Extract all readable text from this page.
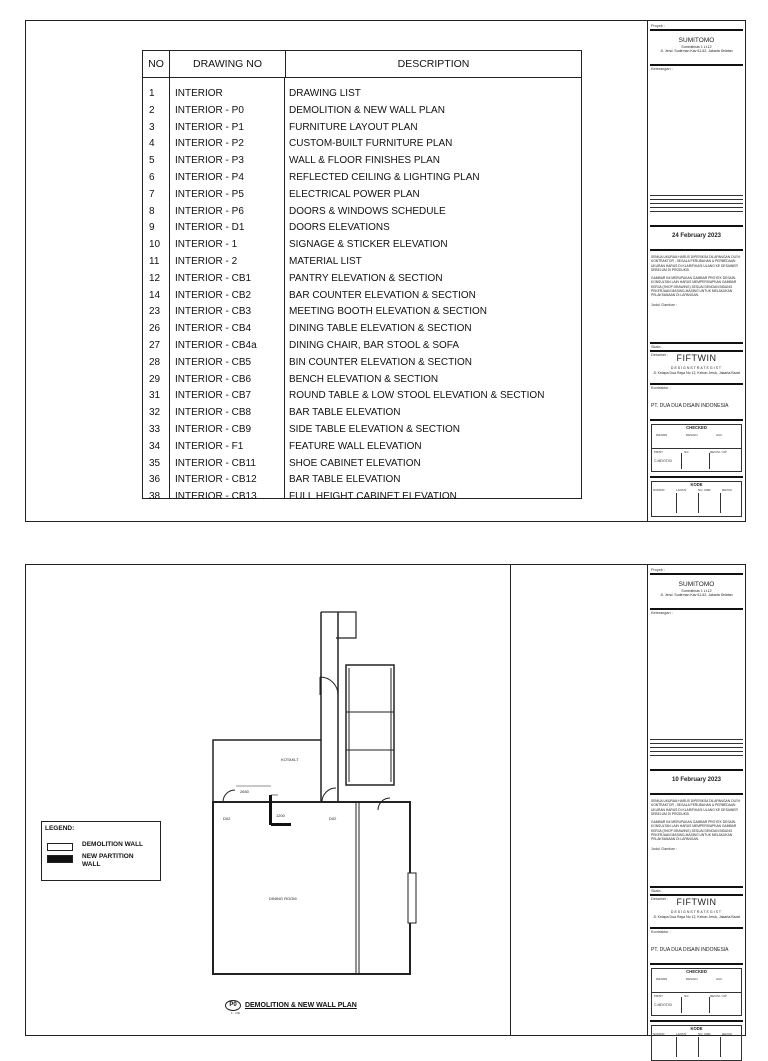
NO	DRAWING NO	DESCRIPTION
1	INTERIOR	DRAWING LIST
2	INTERIOR - P0	DEMOLITION & NEW WALL PLAN
3	INTERIOR - P1	FURNITURE LAYOUT PLAN
4	INTERIOR - P2	CUSTOM-BUILT FURNITURE PLAN
5	INTERIOR - P3	WALL & FLOOR FINISHES PLAN
6	INTERIOR - P4	REFLECTED CEILING & LIGHTING PLAN
7	INTERIOR - P5	ELECTRICAL POWER PLAN
8	INTERIOR - P6	DOORS & WINDOWS SCHEDULE
9	INTERIOR - D1	DOORS ELEVATIONS
10	INTERIOR - 1	SIGNAGE & STICKER ELEVATION
11	INTERIOR - 2	MATERIAL LIST
12	INTERIOR - CB1	PANTRY ELEVATION & SECTION
14	INTERIOR - CB2	BAR COUNTER ELEVATION & SECTION
23	INTERIOR - CB3	MEETING BOOTH ELEVATION & SECTION
26	INTERIOR - CB4	DINING TABLE ELEVATION & SECTION
27	INTERIOR - CB4a	DINING CHAIR, BAR STOOL & SOFA
28	INTERIOR - CB5	BIN COUNTER ELEVATION & SECTION
29	INTERIOR - CB6	BENCH ELEVATION & SECTION
31	INTERIOR - CB7	ROUND TABLE & LOW STOOL ELEVATION & SECTION
32	INTERIOR - CB8	BAR TABLE ELEVATION
33	INTERIOR - CB9	SIDE TABLE ELEVATION & SECTION
34	INTERIOR - F1	FEATURE WALL ELEVATION
35	INTERIOR - CB11	SHOE CABINET ELEVATION
36	INTERIOR - CB12	BAR TABLE ELEVATION
38	INTERIOR - CB13	FULL HEIGHT CABINET ELEVATION
Proyek :
SUMITOMO
Summitmas 1 Lt.12
Jl. Jend. Sudirman Kav 61-62, Jakarta Selatan
Keterangan :
24 February 2023
SEMUA UKURAN HARUS DIPERIKSA DILAPANGAN OLEH KONTRAKTOR , SEGALA PERUBAHAN & PERBEDAAN UKURAN HARUS DI KLARIFIKASI ULANG KE DESAINER SEBELUM DI PRODUKSI.
GAMBAR INI MERUPAKAN GAMBAR PROYEK DESAIN. KONSULTAN LAIN HARUS MEMPERSIAPKAN GAMBAR KERJA (SHOP DRAWING) SESUAI DENGAN BIDANG PEKERJAAN MASING-MASING UNTUK MELAKUKAN PELAKSANAAN DI LAPANGAN.
Judul Gambar :
Skala :
Desainer : FIFTWIN
DESIGNSTRATEGIST
Jl. Kelapa Dua Raya No 12, Kebon Jeruk, Jakarta Barat
Kontraktor :
PT. DUA DUA DISAIN INDONESIA
CHECKED
DRAWN	DESIGN	ACC
PRINT	NO	REVISI / OP
C.MDOT.BI
KODE
NOMOR	LANTAI	NO. GBR	REVISI
LEGEND:
DEMOLITION WALL
NEW PARTITION WALL
KOTAKLT
DINING ROOM
2650
1200
D02	D02
P0 DEMOLITION & NEW WALL PLAN
1 : 100
Proyek :
SUMITOMO
Summitmas 1 Lt.12
Jl. Jend. Sudirman Kav 61-62, Jakarta Selatan
Keterangan :
10 February 2023
SEMUA UKURAN HARUS DIPERIKSA DILAPANGAN OLEH KONTRAKTOR , SEGALA PERUBAHAN & PERBEDAAN UKURAN HARUS DI KLARIFIKASI ULANG KE DESAINER SEBELUM DI PRODUKSI.
GAMBAR INI MERUPAKAN GAMBAR PROYEK DESAIN. KONSULTAN LAIN HARUS MEMPERSIAPKAN GAMBAR KERJA (SHOP DRAWING) SESUAI DENGAN BIDANG PEKERJAAN MASING-MASING UNTUK MELAKUKAN PELAKSANAAN DI LAPANGAN.
Judul Gambar :
Skala :
Desainer : FIFTWIN
DESIGNSTRATEGIST
Jl. Kelapa Dua Raya No 12, Kebon Jeruk, Jakarta Barat
Kontraktor :
PT. DUA DUA DISAIN INDONESIA
CHECKED
DRAWN	DESIGN	ACC
PRINT	NO	REVISI / OP
C.MDOT.BI
KODE
NOMOR	LANTAI	NO. GBR	REVISI
